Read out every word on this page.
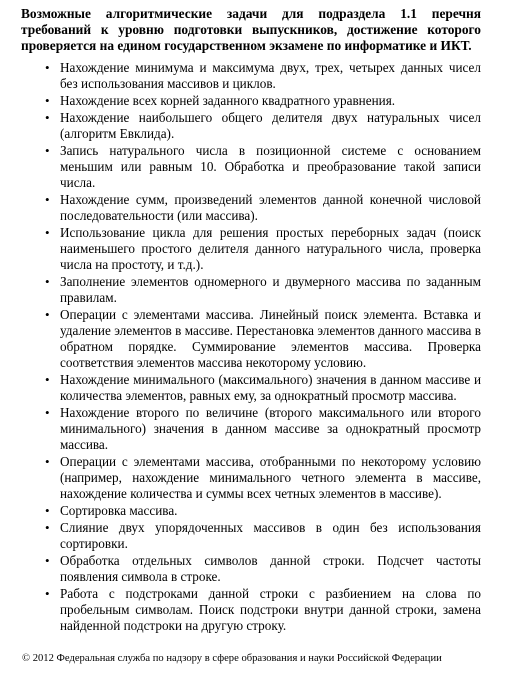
Возможные алгоритмические задачи для подраздела 1.1 перечня требований к уровню подготовки выпускников, достижение которого проверяется на едином государственном экзамене по информатике и ИКТ.

• Нахождение минимума и максимума двух, трех, четырех данных чисел без использования массивов и циклов.
• Нахождение всех корней заданного квадратного уравнения.
• Нахождение наибольшего общего делителя двух натуральных чисел (алгоритм Евклида).
• Запись натурального числа в позиционной системе с основанием меньшим или равным 10. Обработка и преобразование такой записи числа.
• Нахождение сумм, произведений элементов данной конечной числовой последовательности (или массива).
• Использование цикла для решения простых переборных задач (поиск наименьшего простого делителя данного натурального числа, проверка числа на простоту, и т.д.).
• Заполнение элементов одномерного и двумерного массива по заданным правилам.
• Операции с элементами массива. Линейный поиск элемента. Вставка и удаление элементов в массиве. Перестановка элементов данного массива в обратном порядке. Суммирование элементов массива. Проверка соответствия элементов массива некоторому условию.
• Нахождение минимального (максимального) значения в данном массиве и количества элементов, равных ему, за однократный просмотр массива.
• Нахождение второго по величине (второго максимального или второго минимального) значения в данном массиве за однократный просмотр массива.
• Операции с элементами массива, отобранными по некоторому условию (например, нахождение минимального четного элемента в массиве, нахождение количества и суммы всех четных элементов в массиве).
• Сортировка массива.
• Слияние двух упорядоченных массивов в один без использования сортировки.
• Обработка отдельных символов данной строки. Подсчет частоты появления символа в строке.
• Работа с подстроками данной строки с разбиением на слова по пробельным символам. Поиск подстроки внутри данной строки, замена найденной подстроки на другую строку.
© 2012 Федеральная служба по надзору в сфере образования и науки Российской Федерации
